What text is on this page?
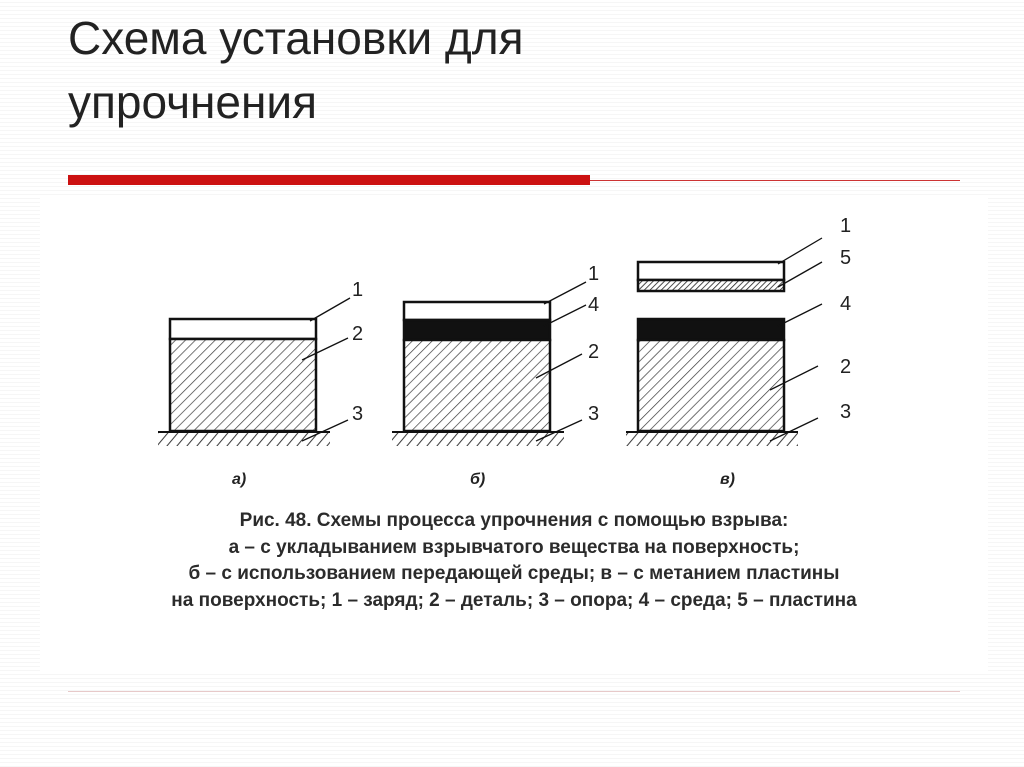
Схема установки для
упрочнения
1
2
3
а)
1
4
2
3
б)
1
5
4
2
3
в)

Рис. 48. Схемы процесса упрочнения с помощью взрыва:
а – с укладыванием взрывчатого вещества на поверхность;
б – с использованием передающей среды; в – с метанием пластины
на поверхность; 1 – заряд; 2 – деталь; 3 – опора; 4 – среда; 5 – пластина
